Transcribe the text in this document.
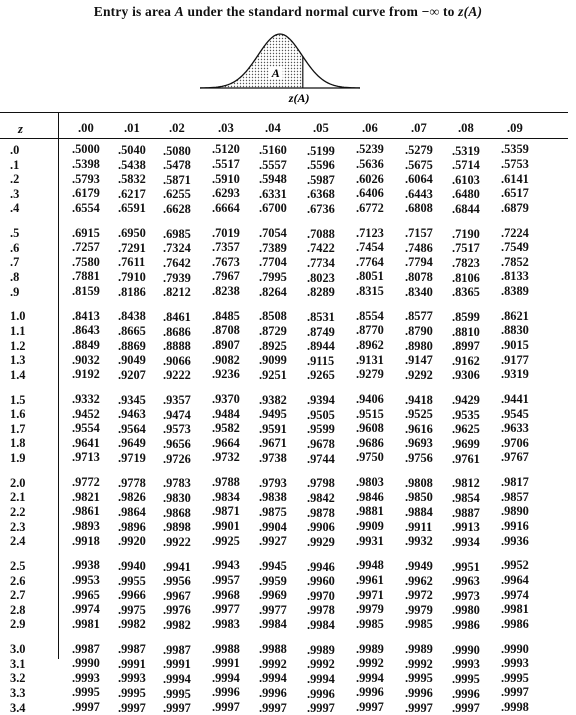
Entry is area A under the standard normal curve from −∞ to z(A)
A
z(A)
z	.00 .01 .02	.03 .04	.05	.06	.07 .08	.09
.0	.5000 .5040 .5080 .5120 .5160 .5199 .5239 .5279 .5319 .5359
.1	.5398 .5438 .5478 .5517 .5557 .5596 .5636 .5675 .5714 .5753
.2	.5793 .5832 .5871 .5910 .5948 .5987 .6026 .6064 .6103 .6141
.3	.6179 .6217 .6255 .6293 .6331 .6368 .6406 .6443 .6480 .6517
.4	.6554 .6591 .6628 .6664 .6700 .6736 .6772 .6808 .6844 .6879
.5	.6915 .6950 .6985 .7019 .7054 .7088 .7123 .7157 .7190 .7224
.6	.7257 .7291 .7324 .7357 .7389 .7422 .7454 .7486 .7517 .7549
.7	.7580 .7611 .7642 .7673 .7704 .7734 .7764 .7794 .7823 .7852
.8	.7881 .7910 .7939 .7967 .7995 .8023 .8051 .8078 .8106 .8133
.9	.8159 .8186 .8212 .8238 .8264 .8289 .8315 .8340 .8365 .8389
1.0	.8413 .8438 .8461 .8485 .8508 .8531 .8554 .8577 .8599 .8621
1.1	.8643 .8665 .8686 .8708 .8729 .8749 .8770 .8790 .8810 .8830
1.2	.8849 .8869 .8888 .8907 .8925 .8944 .8962 .8980 .8997 .9015
1.3	.9032 .9049 .9066 .9082 .9099 .9115 .9131 .9147 .9162 .9177
1.4	.9192 .9207 .9222 .9236 .9251 .9265 .9279 .9292 .9306 .9319
1.5	.9332 .9345 .9357 .9370 .9382 .9394 .9406 .9418 .9429 .9441
1.6	.9452 .9463 .9474 .9484 .9495 .9505 .9515 .9525 .9535 .9545
1.7	.9554 .9564 .9573 .9582 .9591 .9599 .9608 .9616 .9625 .9633
1.8	.9641 .9649 .9656 .9664 .9671 .9678 .9686 .9693 .9699 .9706
1.9	.9713 .9719 .9726 .9732 .9738 .9744 .9750 .9756 .9761 .9767
2.0	.9772 .9778 .9783 .9788 .9793 .9798 .9803 .9808 .9812 .9817
2.1	.9821 .9826 .9830 .9834 .9838 .9842 .9846 .9850 .9854 .9857
2.2	.9861 .9864 .9868 .9871 .9875 .9878 .9881 .9884 .9887 .9890
2.3	.9893 .9896 .9898 .9901 .9904 .9906 .9909 .9911 .9913 .9916
2.4	.9918 .9920 .9922 .9925 .9927 .9929 .9931 .9932 .9934 .9936
2.5	.9938 .9940 .9941 .9943 .9945 .9946 .9948 .9949 .9951 .9952
2.6	.9953 .9955 .9956 .9957 .9959 .9960 .9961 .9962 .9963 .9964
2.7	.9965 .9966 .9967 .9968 .9969 .9970 .9971 .9972 .9973 .9974
2.8	.9974 .9975 .9976 .9977 .9977 .9978 .9979 .9979 .9980 .9981
2.9	.9981 .9982 .9982 .9983 .9984 .9984 .9985 .9985 .9986 .9986
3.0	.9987 .9987 .9987 .9988 .9988 .9989 .9989 .9989 .9990 .9990
3.1	.9990 .9991 .9991 .9991 .9992 .9992 .9992 .9992 .9993 .9993
3.2	.9993 .9993 .9994 .9994 .9994 .9994 .9994 .9995 .9995 .9995
3.3	.9995 .9995 .9995 .9996 .9996 .9996 .9996 .9996 .9996 .9997
3.4	.9997 .9997 .9997 .9997 .9997 .9997 .9997 .9997 .9997 .9998
